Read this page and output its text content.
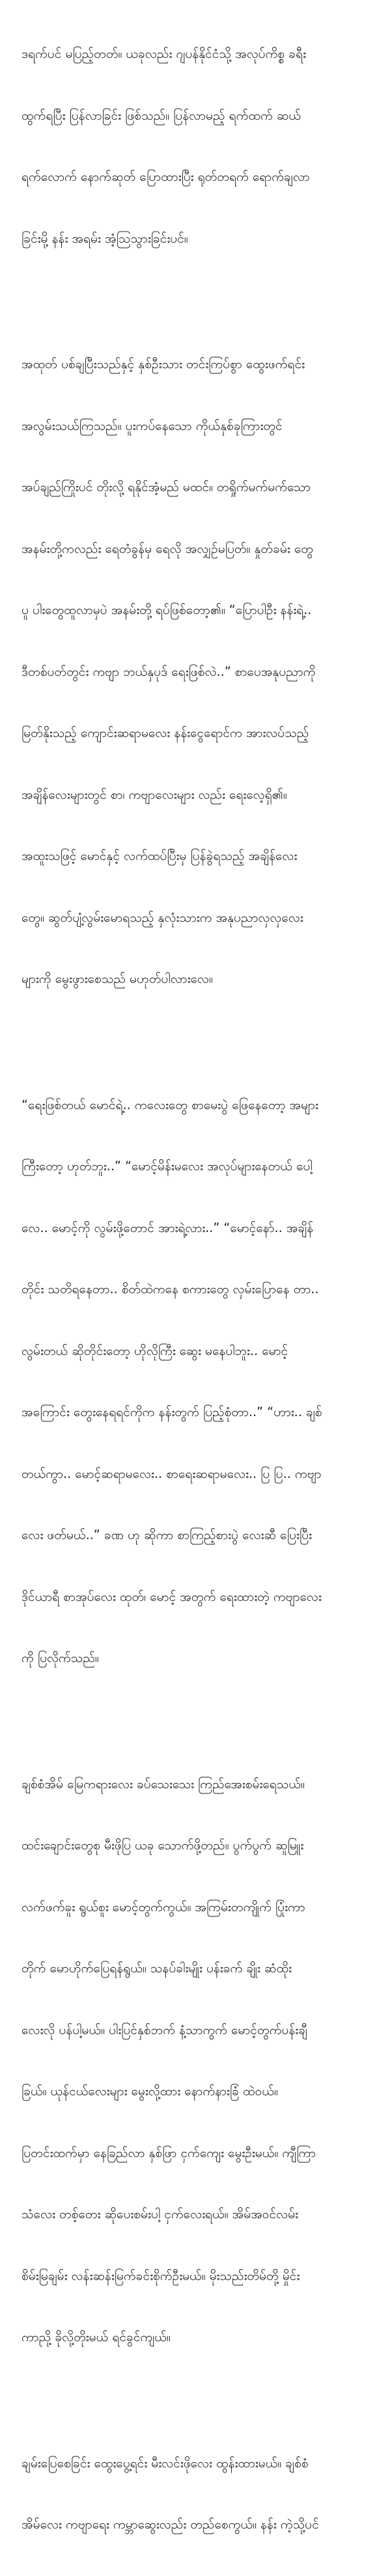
ဒရက်ပင် မပြည့်တတ်။ ယခုလည်း ဂျပန်နိုင်ငံသို့ အလုပ်ကိစ္စ ခရီး

ထွက်ရပြီး ပြန်လာခြင်း ဖြစ်သည်။ ပြန်လာမည့် ရက်ထက် ဆယ်

ရက်လောက် နောက်ဆုတ် ပြောထားပြီး ရုတ်တရက် ရောက်ချလာ

ခြင်းမို့ နန်း အရမ်း အံ့သြသွားခြင်းပင်။

အထုတ် ပစ်ချပြီးသည်နှင့် နှစ်ဦးသား တင်းကြပ်စွာ ထွေးဖက်ရင်း

အလွမ်းသယ်ကြသည်။ ပူးကပ်နေသော ကိုယ်နှစ်ခုကြားတွင်

အပ်ချည်ကြိုးပင် တိုးလို့ ရနိုင်အံ့မည် မထင်။ တရှိုက်မက်မက်သော

အနမ်းတို့ကလည်း ရေတံခွန်မှ ရေလို အလျှဉ်မပြတ်။ နှုတ်ခမ်း တွေ

ပူ ပါးတွေထူလာမှပဲ အနမ်းတို့ ရပ်ဖြစ်တော့၏။ “ပြောပါဦး နန်းရဲ့..

ဒီတစ်ပတ်တွင်း ကဗျာ ဘယ်နှပုဒ် ရေးဖြစ်လဲ..” စာပေအနုပညာကို

မြတ်နိုးသည့် ကျောင်းဆရာမလေး နန်းငွေရောင်က အားလပ်သည့်

အချိန်လေးများတွင် စာ၊ ကဗျာလေးများ လည်း ရေးလေ့ရှိ၏။

အထူးသဖြင့် မောင်နှင့် လက်ထပ်ပြီးမှ ပြန်ခွဲရသည့် အချိန်လေး

တွေ။ ဆွတ်ပျံ့လွမ်းမောရသည့် နှလုံးသားက အနုပညာလှလှလေး

များကို မွေးဖွားစေသည် မဟုတ်ပါလားလေ။

“ရေးဖြစ်တယ် မောင်ရဲ့.. ကလေးတွေ စာမေးပွဲ ဖြေနေတော့ အများ

ကြီးတော့ ဟုတ်ဘူး..” “မောင့်မိန်းမလေး အလုပ်များနေတယ် ပေါ့

လေ.. မောင့်ကို လွမ်းဖို့တောင် အားရဲ့လား..” “မောင့်နော်.. အချိန်

တိုင်း သတိရနေတာ.. စိတ်ထဲကနေ စကားတွေ လှမ်းပြောနေ တာ..

လွမ်းတယ် ဆိုတိုင်းတော့ ဟိုလိုကြီး ဆွေး မနေပါဘူး.. မောင့်

အကြောင်း တွေးနေရရင်ကိုက နန်းတွက် ပြည့်စုံတာ..” “ဟား.. ချစ်

တယ်ကွာ.. မောင့်ဆရာမလေး.. စာရေးဆရာမလေး.. ပြ ပြ.. ကဗျာ

လေး ဖတ်မယ်..” ခဏ ဟု ဆိုကာ စာကြည့်စားပွဲ လေးဆီ ပြေးပြီး

ဒိုင်ယာရီ စာအုပ်လေး ထုတ်၊ မောင့် အတွက် ရေးထားတဲ့ ကဗျာလေး

ကို ပြလိုက်သည်။

ချစ်စံအိမ် မြေကရားလေး ခပ်သေးသေး ကြည်အေးစမ်းရေသယ်။

ထင်းချောင်းတွေစု မီးဖိုပြ ယခု သောက်ဖို့တည်။ ပွက်ပွက် ဆူမြူး

လက်ဖက်ခူး ရွယ်စူး မောင့်တွက်ကွယ်။ အကြမ်းတကျိုက် ပြုံးကာ

တိုက် မောဟိုက်ပြေရန်ရွယ်။ သနပ်ခါးမျိုး ပန်းခက် ချိုး ဆံထိုး

လေးလို ပန်ပါ့မယ်။ ပါးပြင်နှစ်ဘက် နံ့သာကွက် မောင့်တွက်ပန်းချီ

ခြယ်။ ယုန်ငယ်လေးများ မွေးလို့ထား နောက်နားခြံ ထဲဝယ်။

ပြတင်းထက်မှာ နေခြည်လာ နှစ်ဖြာ ငှက်ကျေး မွေးဦးမယ်။ ကျီကြာ

သံလေး တစ့်တေး ဆိုပေးစမ်းပါ့ ငှက်လေးရယ်။ အိမ်အဝင်လမ်း

စိမ်းမြချမ်း လန်းဆန်းမြက်ခင်းစိုက်ဦးမယ်။ မိုးသည်းတိမ်တို့ မှိုင်း

ကာညို့ ခိုလို့တိုးမယ် ရင်ခွင်ကျယ်။

ချမ်းပြေစေခြင်း ထွေးပွေ့ရင်း မီးလင်းဖိုလေး ထွန်းထားမယ်။ ချစ်စံ

အိမ်လေး ကဗျာရေး ကမ္ဘာဆွေးလည်း တည်စေကွယ်။ နန်း ကဲ့သို့ပင်
